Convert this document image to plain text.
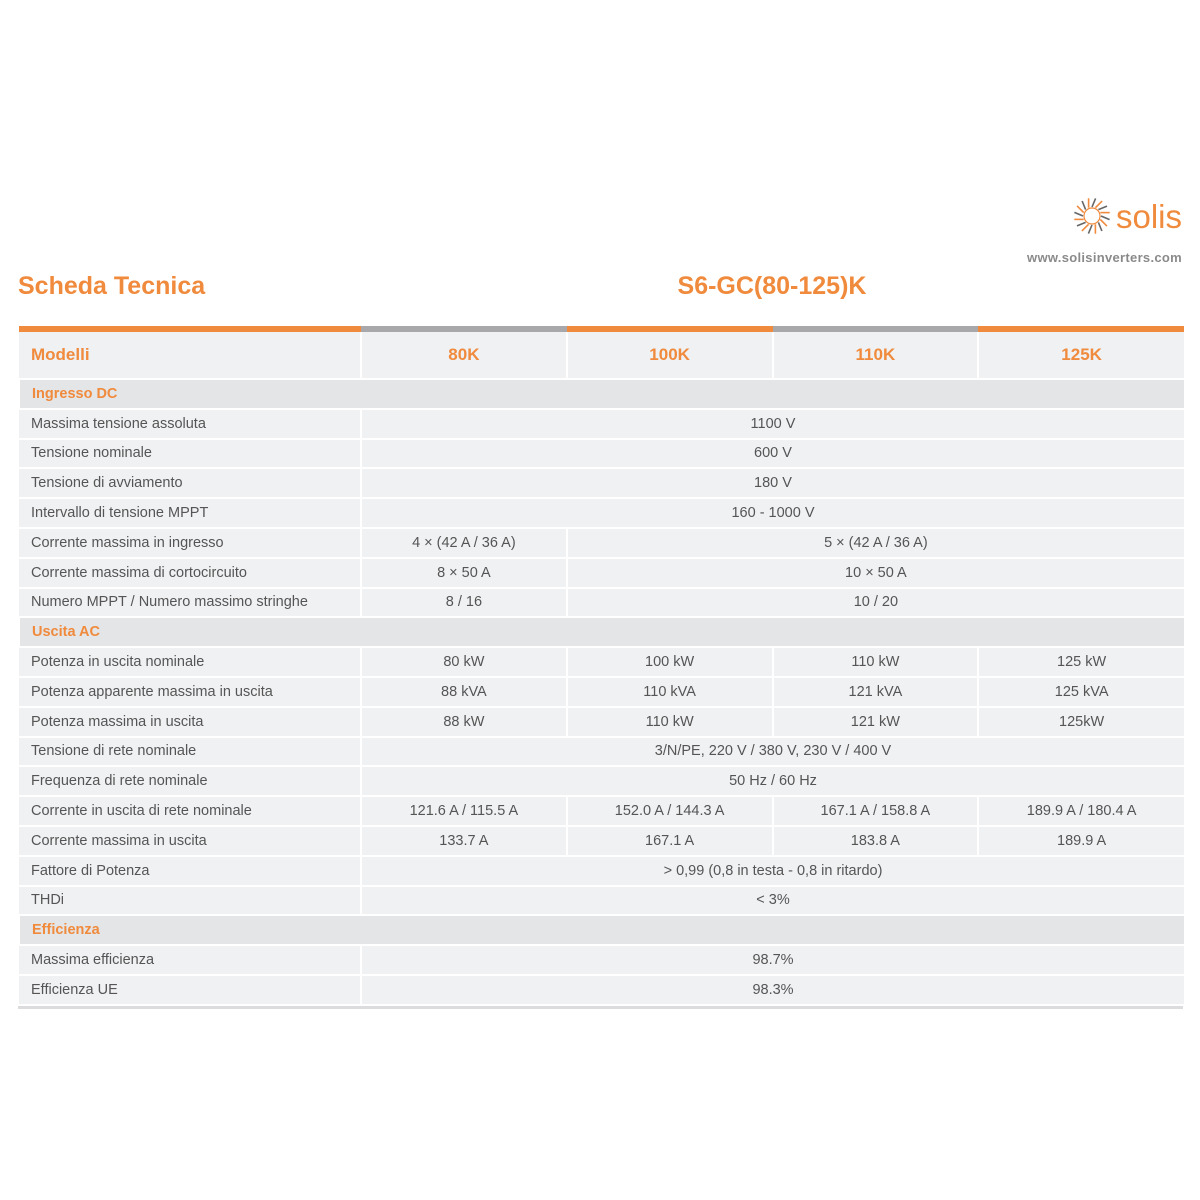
solis
www.solisinverters.com
Scheda Tecnica	S6-GC(80-125)K

Modelli	80K	100K	110K	125K
Ingresso DC				
Massima tensione assoluta	1100 V			
Tensione nominale	600 V			
Tensione di avviamento	180 V			
Intervallo di tensione MPPT	160 - 1000 V			
Corrente massima in ingresso	4 × (42 A / 36 A)	5 × (42 A / 36 A)		
Corrente massima di cortocircuito	8 × 50 A	10 × 50 A		
Numero MPPT / Numero massimo stringhe	8 / 16	10 / 20		
Uscita AC				
Potenza in uscita nominale	80 kW	100 kW	110 kW	125 kW
Potenza apparente massima in uscita	88 kVA	110 kVA	121 kVA	125 kVA
Potenza massima in uscita	88 kW	110 kW	121 kW	125kW
Tensione di rete nominale	3/N/PE, 220 V / 380 V, 230 V / 400 V			
Frequenza di rete nominale	50 Hz / 60 Hz			
Corrente in uscita di rete nominale	121.6 A / 115.5 A	152.0 A / 144.3 A	167.1 A / 158.8 A	189.9 A / 180.4 A
Corrente massima in uscita	133.7 A	167.1 A	183.8 A	189.9 A
Fattore di Potenza	> 0,99 (0,8 in testa - 0,8 in ritardo)			
THDi	< 3%			
Efficienza				
Massima efficienza	98.7%			
Efficienza UE	98.3%			
